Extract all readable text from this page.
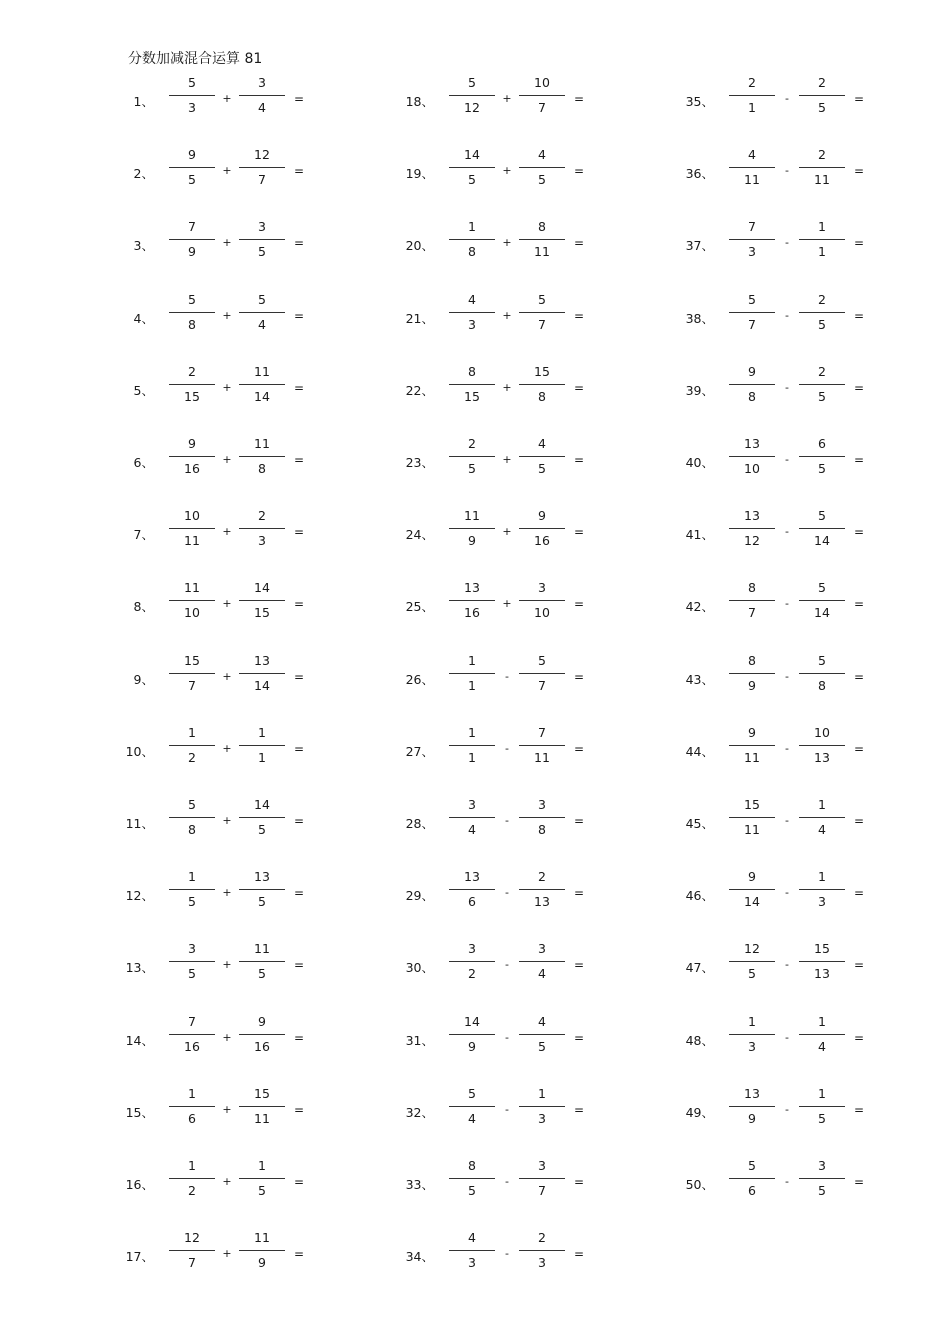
分数加减混合运算 81
1、
5
3
+
3
4
=
2、
9
5
+
12
7
=
3、
7
9
+
3
5
=
4、
5
8
+
5
4
=
5、
2
15
+
11
14
=
6、
9
16
+
11
8
=
7、
10
11
+
2
3
=
8、
11
10
+
14
15
=
9、
15
7
+
13
14
=
10、
1
2
+
1
1
=
11、
5
8
+
14
5
=
12、
1
5
+
13
5
=
13、
3
5
+
11
5
=
14、
7
16
+
9
16
=
15、
1
6
+
15
11
=
16、
1
2
+
1
5
=
17、
12
7
+
11
9
=
18、
5
12
+
10
7
=
19、
14
5
+
4
5
=
20、
1
8
+
8
11
=
21、
4
3
+
5
7
=
22、
8
15
+
15
8
=
23、
2
5
+
4
5
=
24、
11
9
+
9
16
=
25、
13
16
+
3
10
=
26、
1
1
-
5
7
=
27、
1
1
-
7
11
=
28、
3
4
-
3
8
=
29、
13
6
-
2
13
=
30、
3
2
-
3
4
=
31、
14
9
-
4
5
=
32、
5
4
-
1
3
=
33、
8
5
-
3
7
=
34、
4
3
-
2
3
=
35、
2
1
-
2
5
=
36、
4
11
-
2
11
=
37、
7
3
-
1
1
=
38、
5
7
-
2
5
=
39、
9
8
-
2
5
=
40、
13
10
-
6
5
=
41、
13
12
-
5
14
=
42、
8
7
-
5
14
=
43、
8
9
-
5
8
=
44、
9
11
-
10
13
=
45、
15
11
-
1
4
=
46、
9
14
-
1
3
=
47、
12
5
-
15
13
=
48、
1
3
-
1
4
=
49、
13
9
-
1
5
=
50、
5
6
-
3
5
=
